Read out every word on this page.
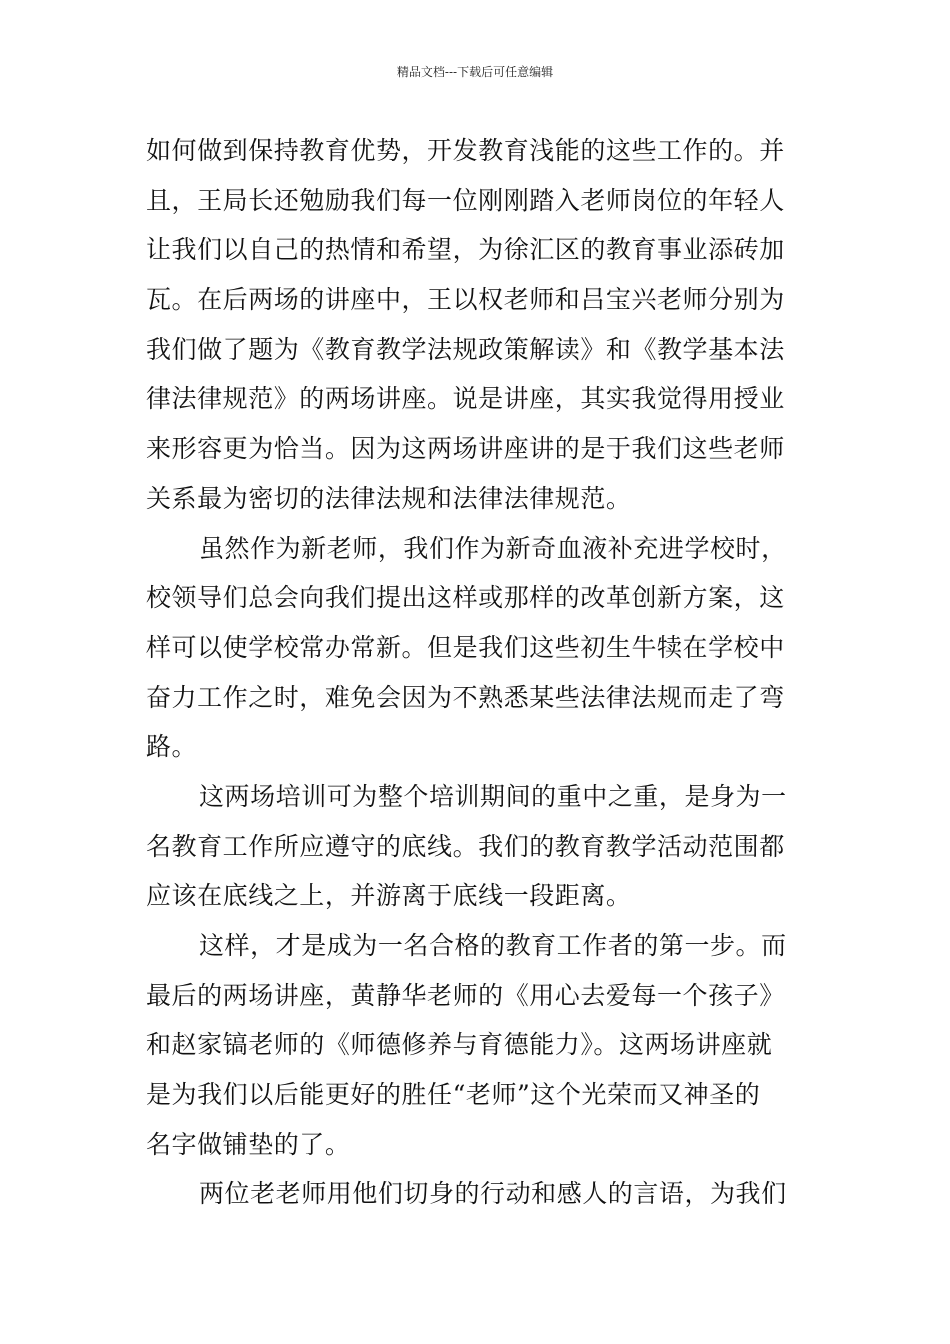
精品文档---下载后可任意编辑
如何做到保持教育优势，开发教育浅能的这些工作的。并
且，王局长还勉励我们每一位刚刚踏入老师岗位的年轻人
让我们以自己的热情和希望，为徐汇区的教育事业添砖加
瓦。在后两场的讲座中，王以权老师和吕宝兴老师分别为
我们做了题为《教育教学法规政策解读》和《教学基本法
律法律规范》的两场讲座。说是讲座，其实我觉得用授业
来形容更为恰当。因为这两场讲座讲的是于我们这些老师
关系最为密切的法律法规和法律法律规范。
虽然作为新老师，我们作为新奇血液补充进学校时，
校领导们总会向我们提出这样或那样的改革创新方案，这
样可以使学校常办常新。但是我们这些初生牛犊在学校中
奋力工作之时，难免会因为不熟悉某些法律法规而走了弯
路。
这两场培训可为整个培训期间的重中之重，是身为一
名教育工作所应遵守的底线。我们的教育教学活动范围都
应该在底线之上，并游离于底线一段距离。
这样，才是成为一名合格的教育工作者的第一步。而
最后的两场讲座，黄静华老师的《用心去爱每一个孩子》
和赵家镐老师的《师德修养与育德能力》。这两场讲座就
是为我们以后能更好的胜任“老师”这个光荣而又神圣的
名字做铺垫的了。
两位老老师用他们切身的行动和感人的言语，为我们
